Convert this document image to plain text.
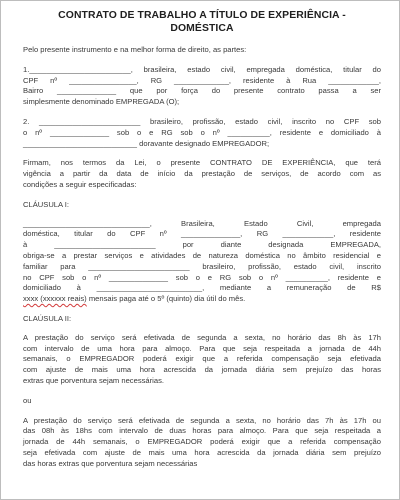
CONTRATO DE TRABALHO A TÍTULO DE EXPERIÊNCIA -
DOMÉSTICA

Pelo presente instrumento e na melhor forma de direito, as partes:

1.________________________, brasileira, estado civil, empregada doméstica, titular do
CPF nº ________________, RG _____________, residente à Rua ____________,
Bairro ______________ que por força do presente contrato passa a ser
simplesmente denominado EMPREGADA (O);

2. ________________________ brasileiro, profissão, estado civil, inscrito no CPF sob
o nº ______________ sob o e RG sob o nº __________, residente e domiciliado à
___________________________ doravante designado EMPREGADOR;

Firmam, nos termos da Lei, o presente CONTRATO DE EXPERIÊNCIA, que terá
vigência a partir da data de início da prestação de serviços, de acordo com as
condições a seguir especificadas:

CLÁUSULA I:

______________________________, Brasileira, Estado Civil, empregada
doméstica, titular do CPF nº ______________, RG ____________, residente
à ________________________ por diante designada EMPREGADA,
obriga-se a prestar serviços e atividades de natureza doméstica no âmbito residencial e
familiar para ________________________ brasileiro, profissão, estado civil, inscrito
no CPF sob o nº ______________ sob o e RG sob o nº __________, residente e
domiciliado à _________________________, mediante a remuneração de R$
xxxx (xxxxxx reais) mensais paga até o 5º (quinto) dia útil do mês.

CLAÚSULA II:

A prestação do serviço será efetivada de segunda a sexta, no horário das 8h às 17h
com intervalo de uma hora para almoço. Para que seja respeitada a jornada de 44h
semanais, o EMPREGADOR poderá exigir que a referida compensação seja efetivada
com ajuste de mais uma hora acrescida da jornada diária sem prejuízo das horas
extras que porventura sejam necessárias.

ou

A prestação do serviço será efetivada de segunda a sexta, no horário das 7h às 17h ou
das 08h às 18hs com intervalo de duas horas para almoço. Para que seja respeitada a
jornada de 44h semanais, o EMPREGADOR poderá exigir que a referida compensação
seja efetivada com ajuste de mais uma hora acrescida da jornada diária sem prejuízo
das horas extras que porventura sejam necessárias
